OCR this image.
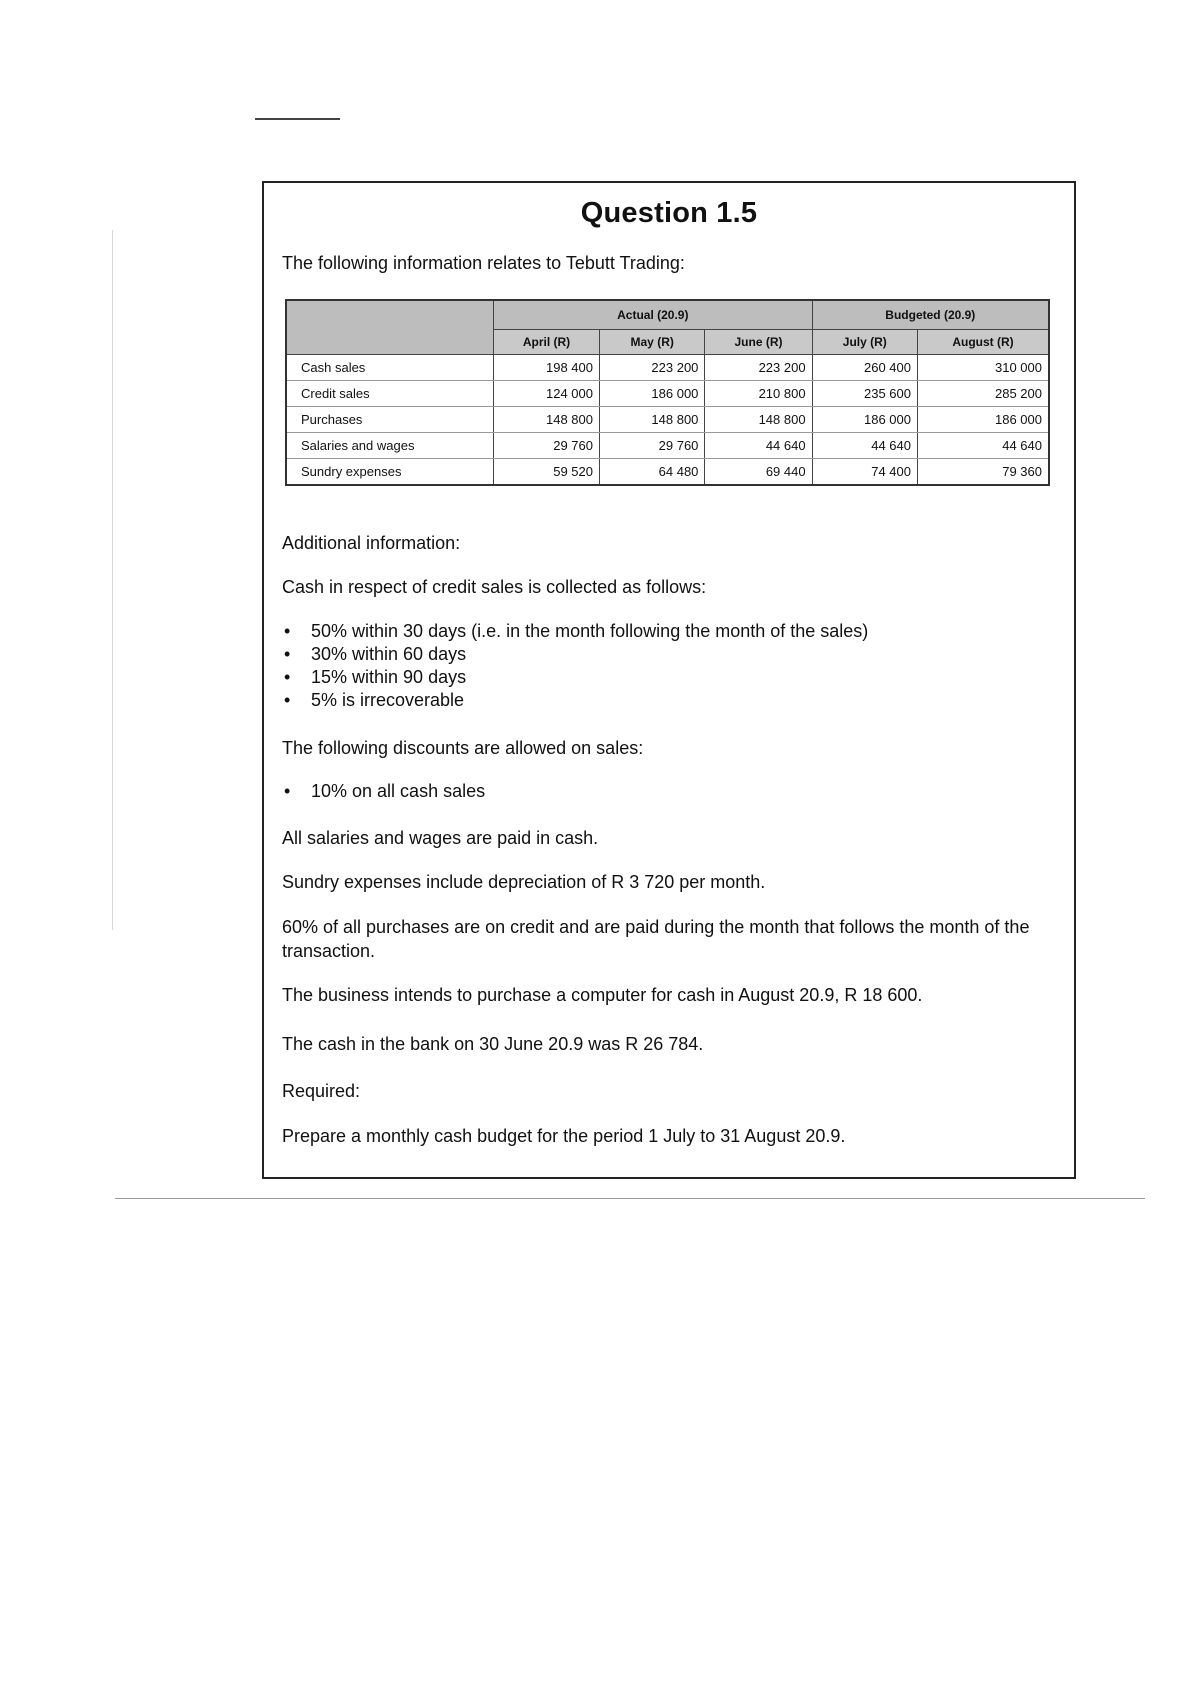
Question 1.5
The following information relates to Tebutt Trading:
	Actual (20.9)			Budgeted (20.9)	
	April (R)	May (R)	June (R)	July (R)	August (R)
Cash sales	198 400	223 200	223 200	260 400	310 000
Credit sales	124 000	186 000	210 800	235 600	285 200
Purchases	148 800	148 800	148 800	186 000	186 000
Salaries and wages	29 760	29 760	44 640	44 640	44 640
Sundry expenses	59 520	64 480	69 440	74 400	79 360
Additional information:
Cash in respect of credit sales is collected as follows:
• 50% within 30 days (i.e. in the month following the month of the sales)
• 30% within 60 days
• 15% within 90 days
• 5% is irrecoverable
The following discounts are allowed on sales:
• 10% on all cash sales
All salaries and wages are paid in cash.
Sundry expenses include depreciation of R 3 720 per month.
60% of all purchases are on credit and are paid during the month that follows the month of the transaction.
The business intends to purchase a computer for cash in August 20.9, R 18 600.
The cash in the bank on 30 June 20.9 was R 26 784.
Required:
Prepare a monthly cash budget for the period 1 July to 31 August 20.9.
